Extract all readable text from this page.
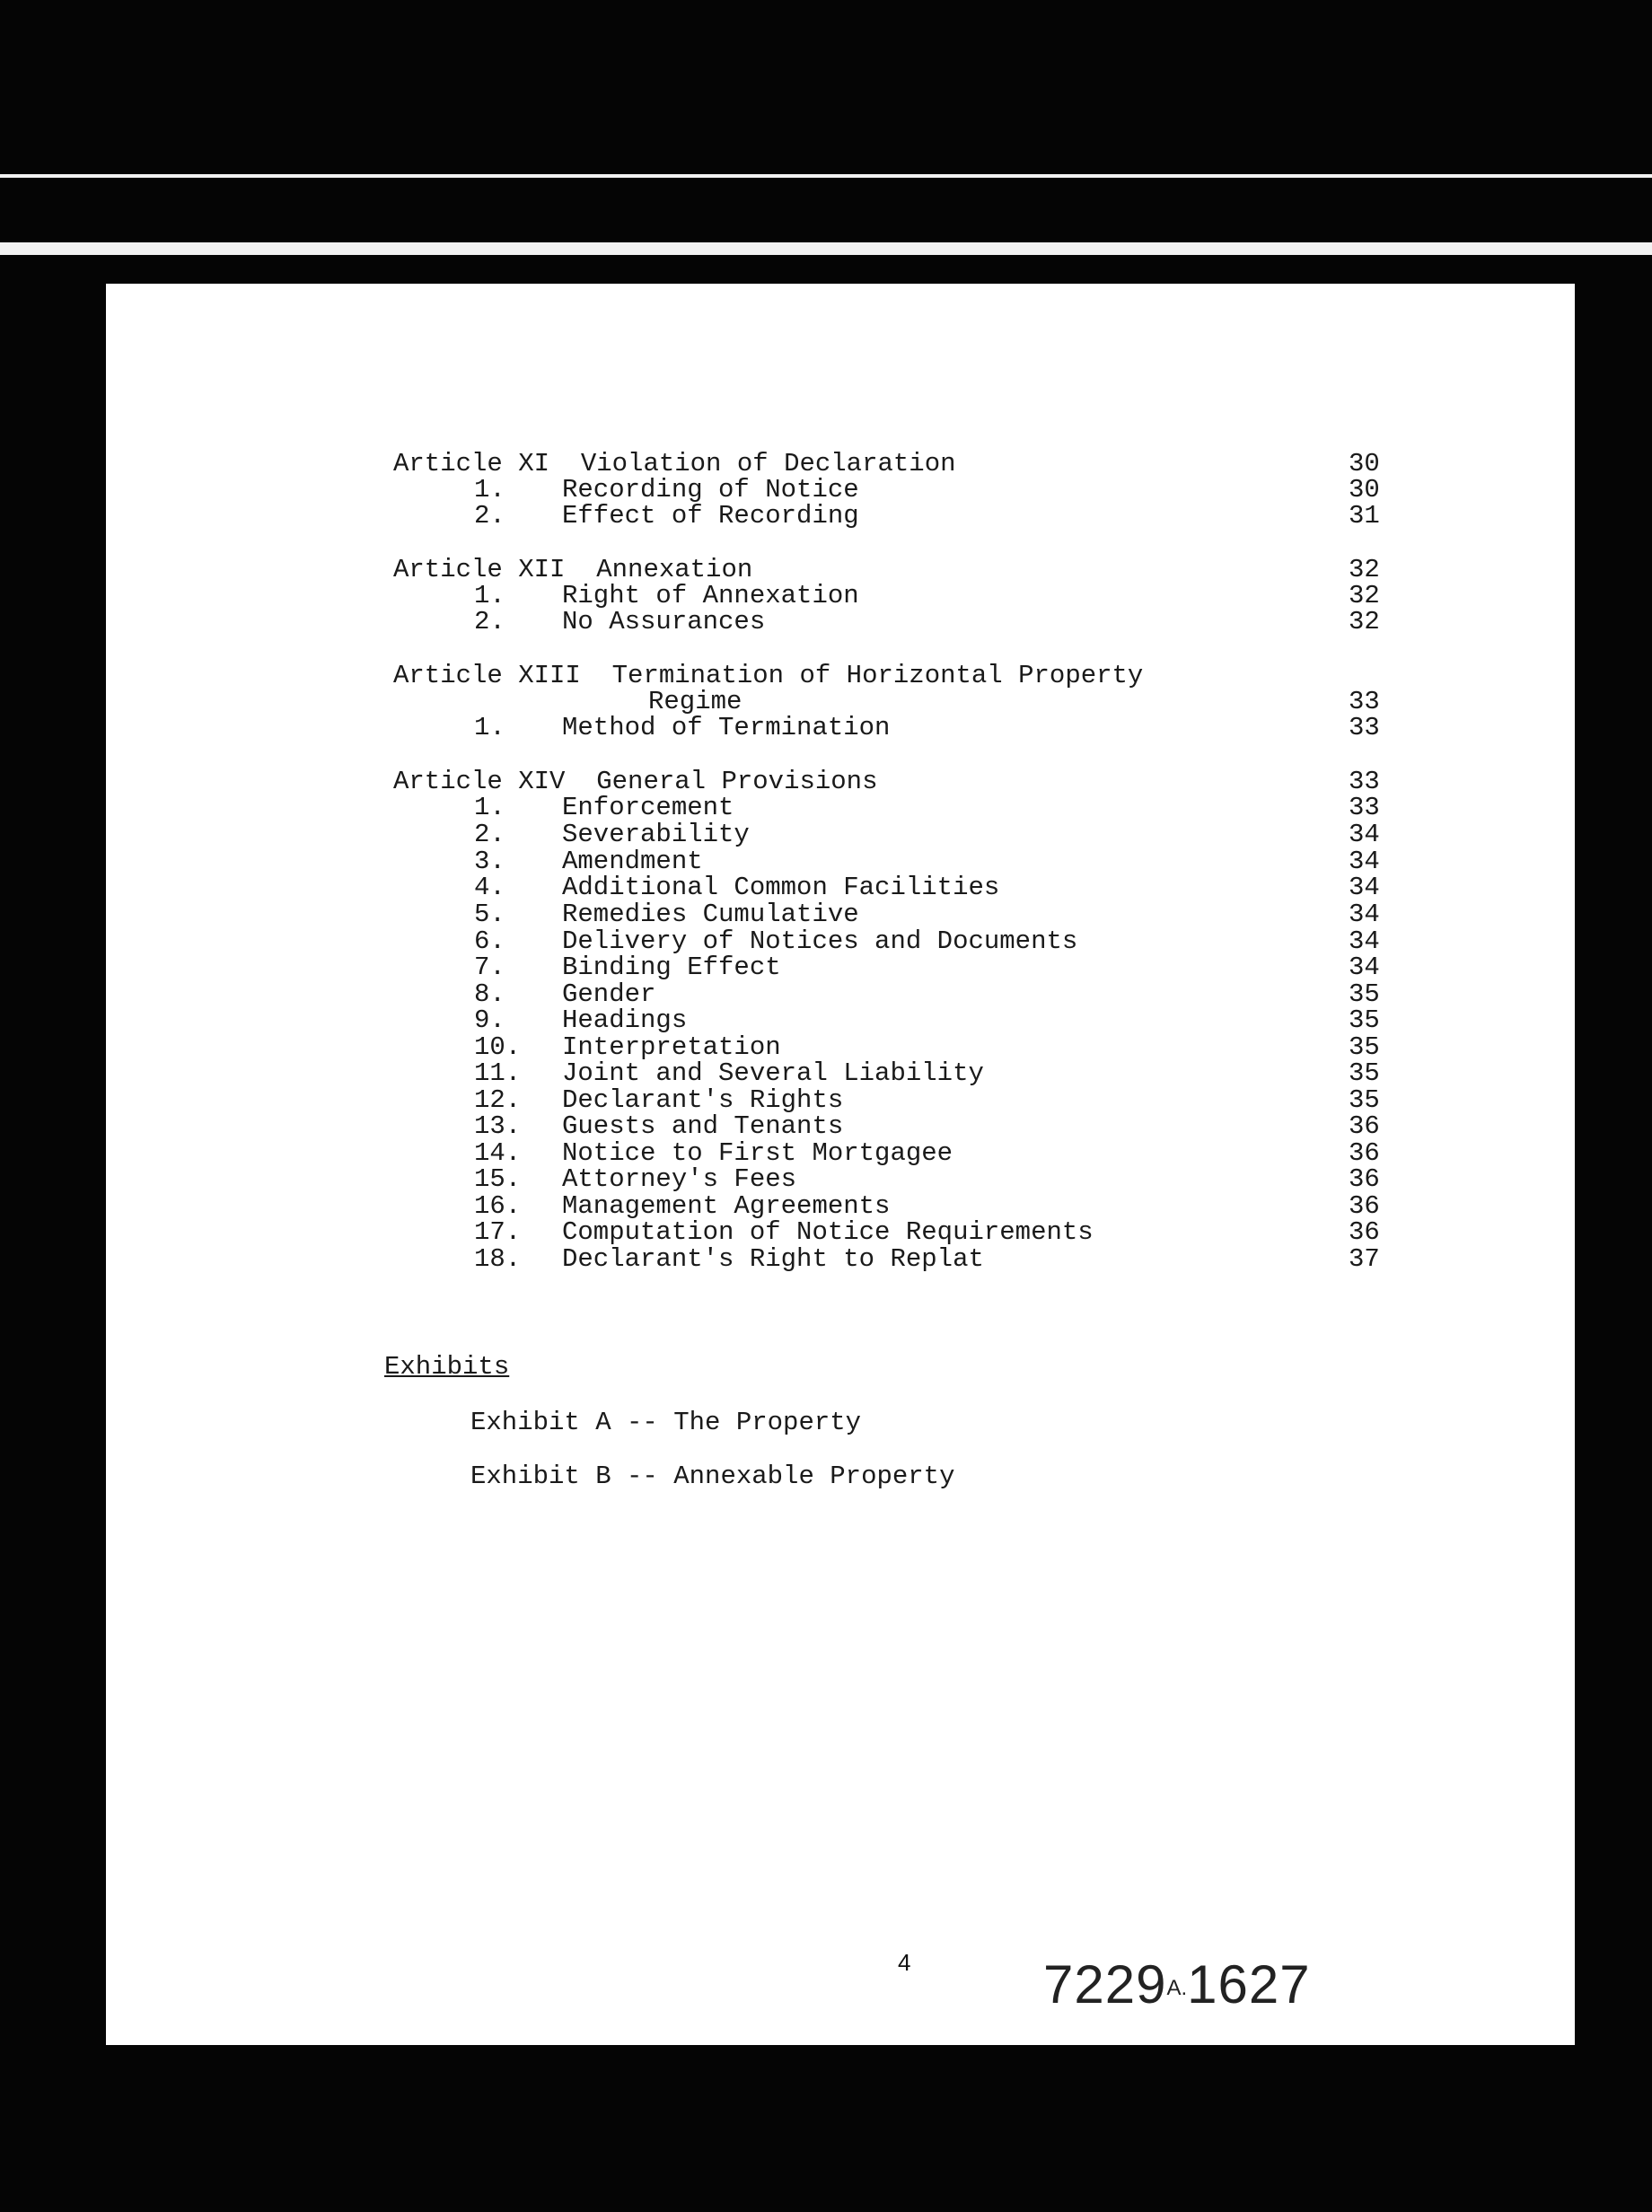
Article XI  Violation of Declaration	30
1. Recording of Notice	30
2. Effect of Recording	31
Article XII  Annexation	32
1. Right of Annexation	32
2. No Assurances	32
Article XIII  Termination of Horizontal Property
Regime	33
1. Method of Termination	33
Article XIV  General Provisions	33
1. Enforcement	33
2. Severability	34
3. Amendment	34
4. Additional Common Facilities	34
5. Remedies Cumulative	34
6. Delivery of Notices and Documents	34
7. Binding Effect	34
8. Gender	35
9. Headings	35
10. Interpretation	35
11. Joint and Several Liability	35
12. Declarant's Rights	35
13. Guests and Tenants	36
14. Notice to First Mortgagee	36
15. Attorney's Fees	36
16. Management Agreements	36
17. Computation of Notice Requirements	36
18. Declarant's Right to Replat	37
Exhibits
Exhibit A -- The Property
Exhibit B -- Annexable Property
4 7229A.1627
